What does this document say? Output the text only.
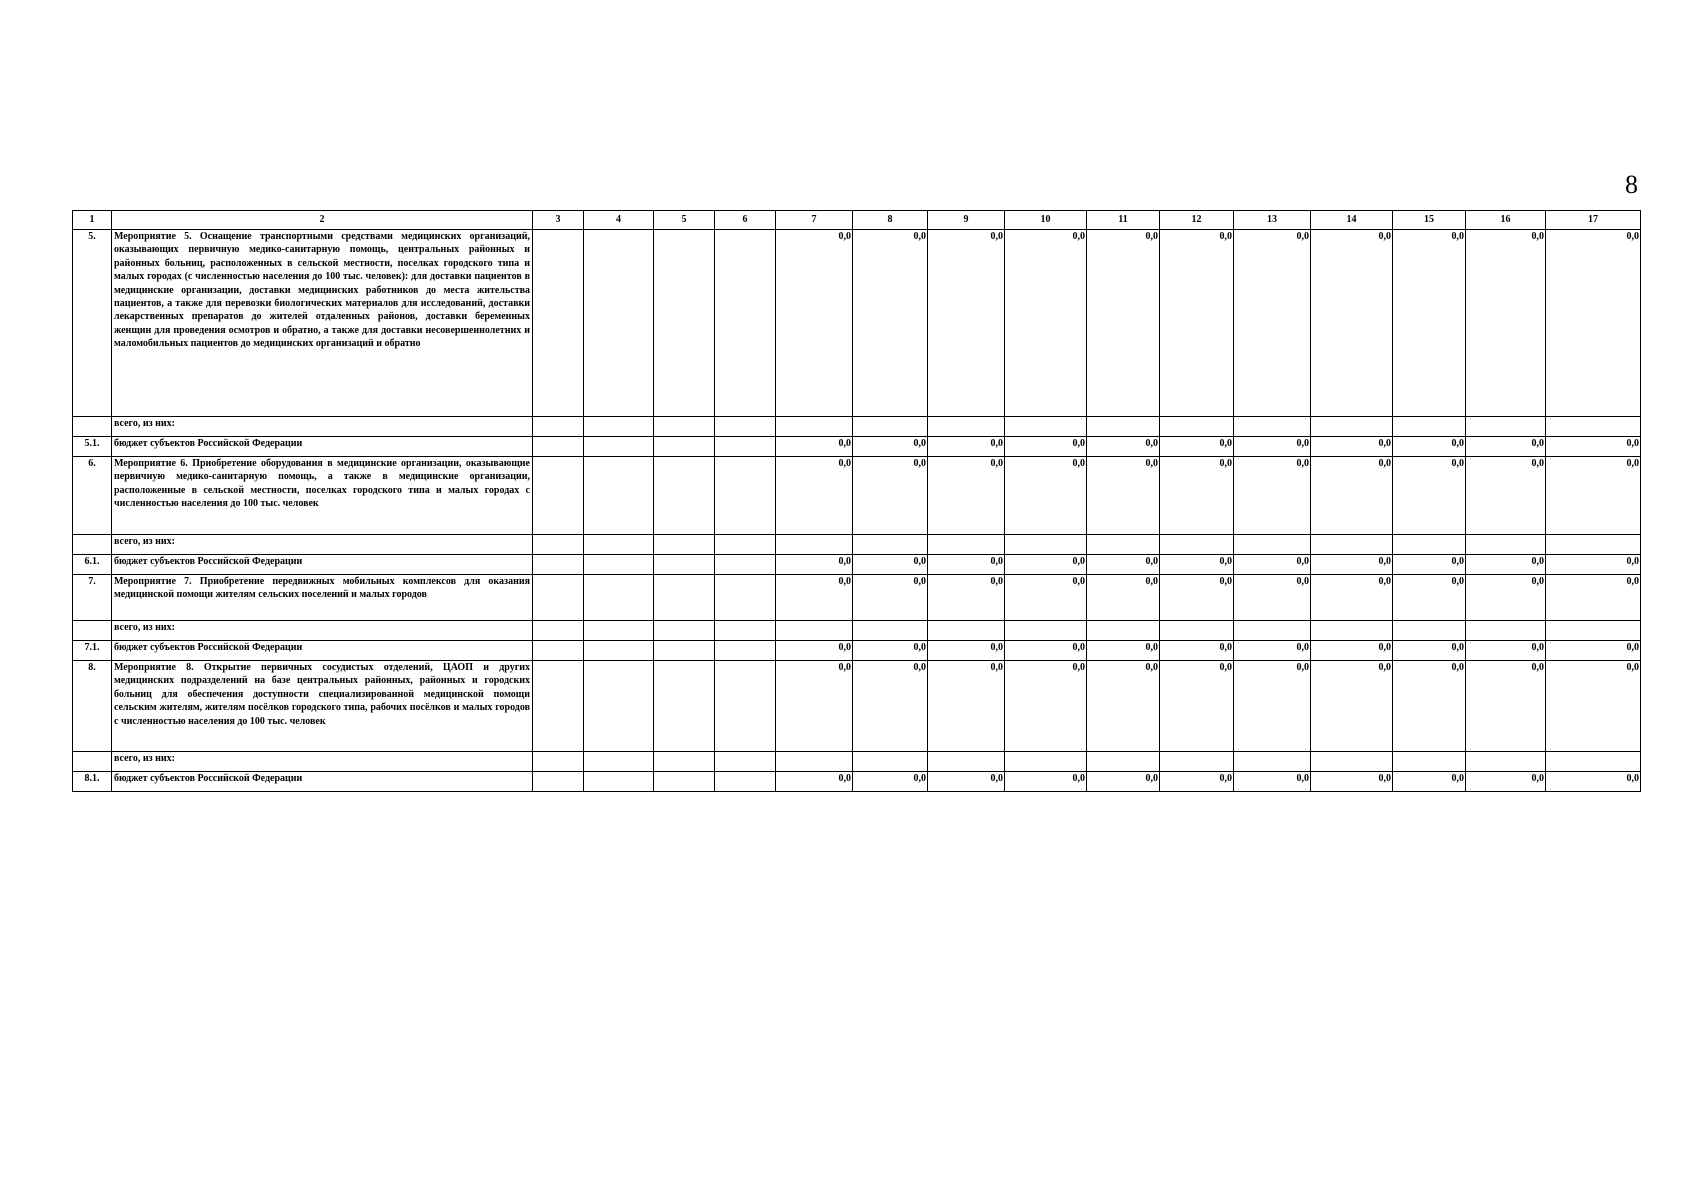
8
1	2	3	4	5	6	7	8	9	10	11	12	13	14	15	16	17
5.	Мероприятие 5. Оснащение транспортными средствами медицинских организаций, оказывающих первичную медико-санитарную помощь, центральных районных и районных больниц, расположенных в сельской местности, поселках городского типа и малых городах (с численностью населения до 100 тыс. человек): для доставки пациентов в медицинские организации, доставки медицинских работников до места жительства пациентов, а также для перевозки биологических материалов для исследований, доставки лекарственных препаратов до жителей отдаленных районов, доставки беременных женщин для проведения осмотров и обратно, а также для доставки несовершеннолетних и маломобильных пациентов до медицинских организаций и обратно					0,0	0,0	0,0	0,0	0,0	0,0	0,0	0,0	0,0	0,0	0,0
	всего, из них:															
5.1.	бюджет субъектов Российской Федерации					0,0	0,0	0,0	0,0	0,0	0,0	0,0	0,0	0,0	0,0	0,0
6.	Мероприятие 6. Приобретение оборудования в медицинские организации, оказывающие первичную медико-санитарную помощь, а также в медицинские организации, расположенные в сельской местности, поселках городского типа и малых городах с численностью населения до 100 тыс. человек					0,0	0,0	0,0	0,0	0,0	0,0	0,0	0,0	0,0	0,0	0,0
	всего, из них:															
6.1.	бюджет субъектов Российской Федерации					0,0	0,0	0,0	0,0	0,0	0,0	0,0	0,0	0,0	0,0	0,0
7.	Мероприятие 7. Приобретение передвижных мобильных комплексов для оказания медицинской помощи жителям сельских поселений и малых городов					0,0	0,0	0,0	0,0	0,0	0,0	0,0	0,0	0,0	0,0	0,0
	всего, из них:															
7.1.	бюджет субъектов Российской Федерации					0,0	0,0	0,0	0,0	0,0	0,0	0,0	0,0	0,0	0,0	0,0
8.	Мероприятие 8. Открытие первичных сосудистых отделений, ЦАОП и других медицинских подразделений на базе центральных районных, районных и городских больниц для обеспечения доступности специализированной медицинской помощи сельским жителям, жителям посёлков городского типа, рабочих посёлков и малых городов с численностью населения до 100 тыс. человек					0,0	0,0	0,0	0,0	0,0	0,0	0,0	0,0	0,0	0,0	0,0
	всего, из них:															
8.1.	бюджет субъектов Российской Федерации					0,0	0,0	0,0	0,0	0,0	0,0	0,0	0,0	0,0	0,0	0,0
